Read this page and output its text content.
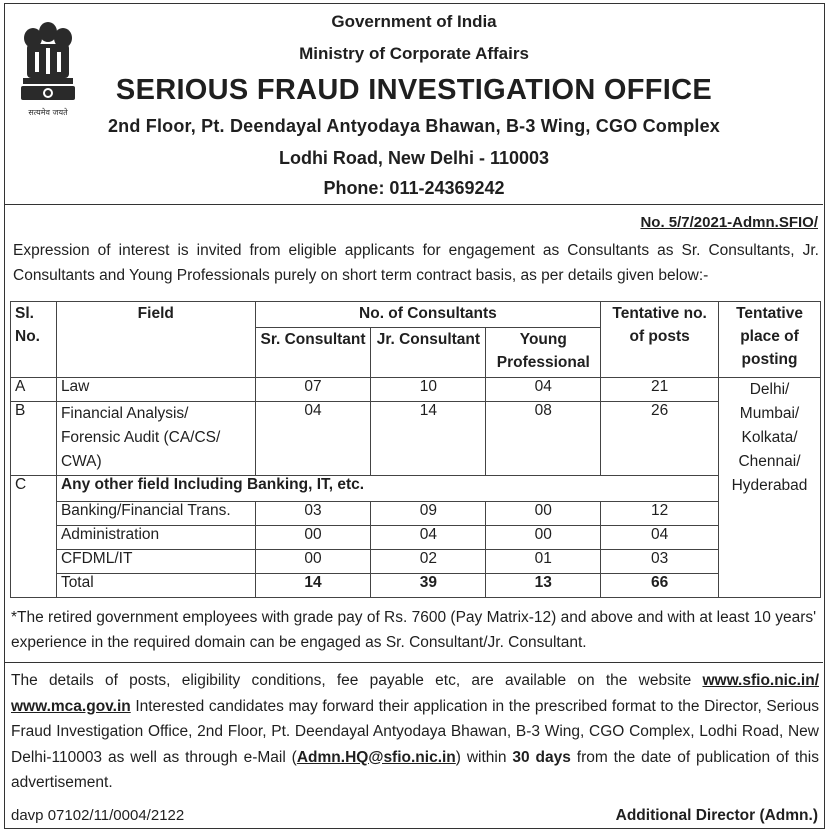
सत्यमेव जयते
Government of India
Ministry of Corporate Affairs
SERIOUS FRAUD INVESTIGATION OFFICE
2nd Floor, Pt. Deendayal Antyodaya Bhawan, B-3 Wing, CGO Complex
Lodhi Road, New Delhi - 110003
Phone: 011-24369242
No. 5/7/2021-Admn.SFIO/
Expression of interest is invited from eligible applicants for engagement as Consultants as Sr. Consultants, Jr. Consultants and Young Professionals purely on short term contract basis, as per details given below:-
Sl. No.	Field	No. of Consultants			Tentative no. of posts	Tentative place of posting
		Sr. Consultant	Jr. Consultant	Young Professional		
A	Law	07	10	04	21	Delhi/ Mumbai/ Kolkata/ Chennai/ Hyderabad
B	Financial Analysis/ Forensic Audit (CA/CS/ CWA)	04	14	08	26	
C	Any other field Including Banking, IT, etc.					
	Banking/Financial Trans.	03	09	00	12	
	Administration	00	04	00	04	
	CFDML/IT	00	02	01	03	
	Total	14	39	13	66	
*The retired government employees with grade pay of Rs. 7600 (Pay Matrix-12) and above and with at least 10 years' experience in the required domain can be engaged as Sr. Consultant/Jr. Consultant.
The details of posts, eligibility conditions, fee payable etc, are available on the website www.sfio.nic.in/ www.mca.gov.in Interested candidates may forward their application in the prescribed format to the Director, Serious Fraud Investigation Office, 2nd Floor, Pt. Deendayal Antyodaya Bhawan, B-3 Wing, CGO Complex, Lodhi Road, New Delhi-110003 as well as through e-Mail (Admn.HQ@sfio.nic.in) within 30 days from the date of publication of this advertisement.
davp 07102/11/0004/2122	Additional Director (Admn.)
